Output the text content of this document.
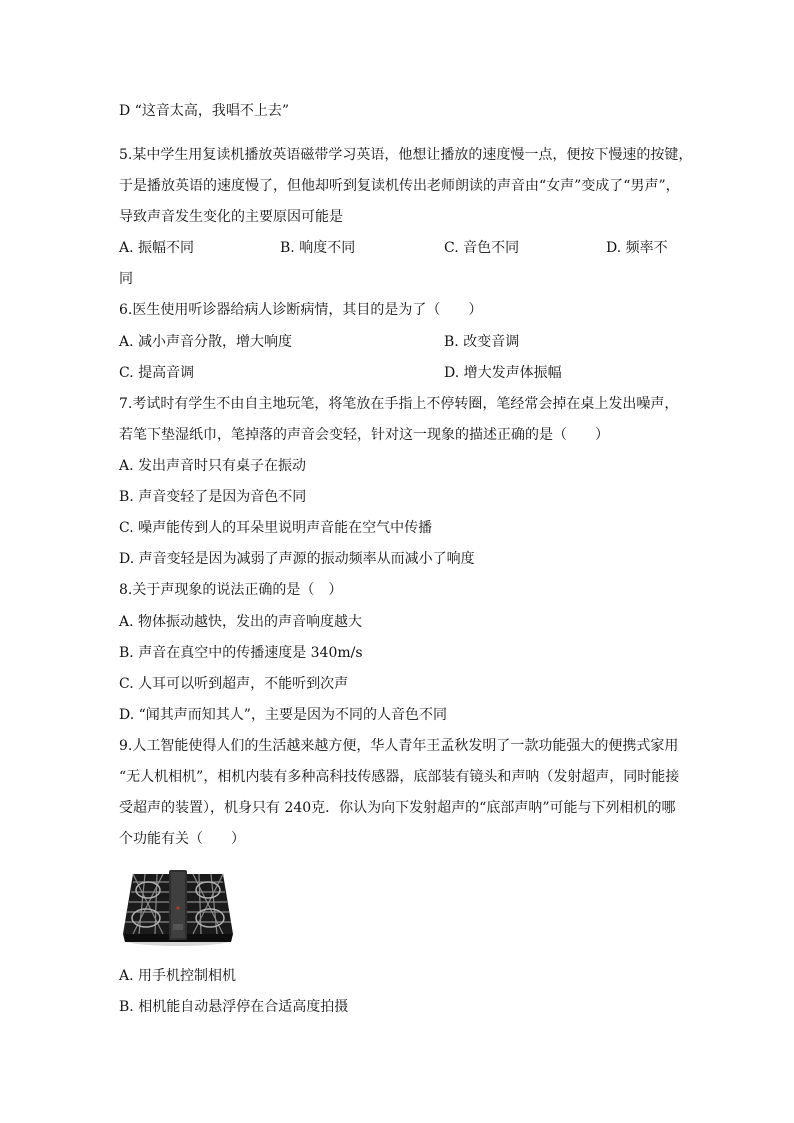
D “这音太高，我唱不上去”
5.某中学生用复读机播放英语磁带学习英语，他想让播放的速度慢一点，便按下慢速的按键，
于是播放英语的速度慢了，但他却听到复读机传出老师朗读的声音由“女声”变成了“男声”，
导致声音发生变化的主要原因可能是
A. 振幅不同	B. 响度不同	C. 音色不同	D. 频率不
同
6.医生使用听诊器给病人诊断病情，其目的是为了（　　）
A. 减小声音分散，增大响度	B. 改变音调
C. 提高音调	D. 增大发声体振幅
7.考试时有学生不由自主地玩笔，将笔放在手指上不停转圈，笔经常会掉在桌上发出噪声，
若笔下垫湿纸巾，笔掉落的声音会变轻，针对这一现象的描述正确的是（　　）
A. 发出声音时只有桌子在振动
B. 声音变轻了是因为音色不同
C. 噪声能传到人的耳朵里说明声音能在空气中传播
D. 声音变轻是因为减弱了声源的振动频率从而减小了响度
8.关于声现象的说法正确的是（　）
A. 物体振动越快，发出的声音响度越大
B. 声音在真空中的传播速度是 340m/s
C. 人耳可以听到超声，不能听到次声
D. “闻其声而知其人”，主要是因为不同的人音色不同
9.人工智能使得人们的生活越来越方便，华人青年王孟秋发明了一款功能强大的便携式家用
“无人机相机”，相机内装有多种高科技传感器，底部装有镜头和声呐（发射超声，同时能接
受超声的装置），机身只有 240克．你认为向下发射超声的“底部声呐”可能与下列相机的哪
个功能有关（　　）
A. 用手机控制相机
B. 相机能自动悬浮停在合适高度拍摄
